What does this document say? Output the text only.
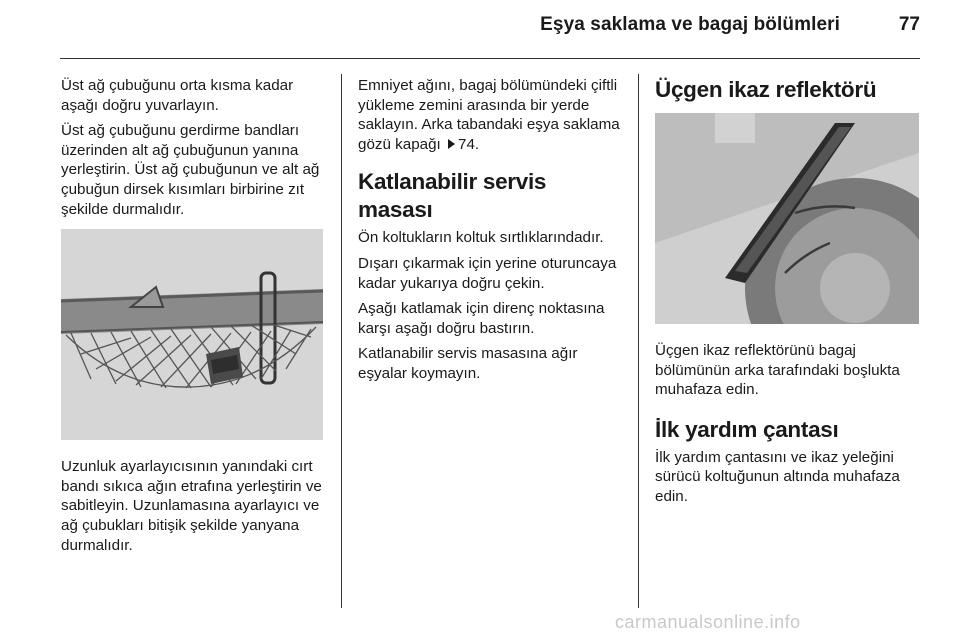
Eşya saklama ve bagaj bölümleri	77

Üst ağ çubuğunu orta kısma kadar aşağı doğru yuvarlayın.

Üst ağ çubuğunu gerdirme bandları üzerinden alt ağ çubuğunun yanına yerleştirin. Üst ağ çubuğunun ve alt ağ çubuğun dirsek kısımları birbirine zıt şekilde durmalıdır.

Uzunluk ayarlayıcısının yanındaki cırt bandı sıkıca ağın etrafına yerleştirin ve sabitleyin. Uzunlamasına ayarlayıcı ve ağ çubukları bitişik şekilde yanyana durmalıdır.

Emniyet ağını, bagaj bölümündeki çiftli yükleme zemini arasında bir yerde saklayın. Arka tabandaki eşya saklama gözü kapağı 74.

Katlanabilir servis masası

Ön koltukların koltuk sırtlıklarındadır.

Dışarı çıkarmak için yerine oturuncaya kadar yukarıya doğru çekin.

Aşağı katlamak için direnç noktasına karşı aşağı doğru bastırın.

Katlanabilir servis masasına ağır eşyalar koymayın.

Üçgen ikaz reflektörü

Üçgen ikaz reflektörünü bagaj bölümünün arka tarafındaki boşlukta muhafaza edin.

İlk yardım çantası

İlk yardım çantasını ve ikaz yeleğini sürücü koltuğunun altında muhafaza edin.

carmanualsonline.info
